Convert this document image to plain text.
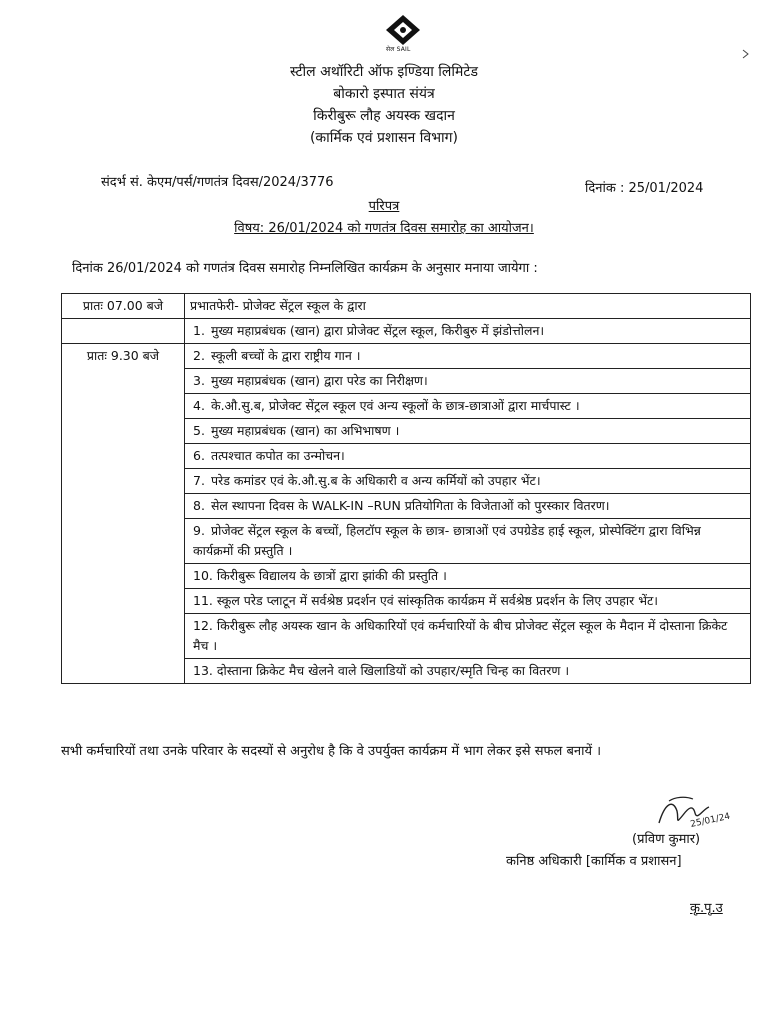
सेल SAIL
स्टील अथॉरिटी ऑफ इण्डिया लिमिटेड
बोकारो इस्पात संयंत्र
किरीबुरू लौह अयस्क खदान
(कार्मिक एवं प्रशासन विभाग)
संदर्भ सं. केएम/पर्स/गणतंत्र दिवस/2024/3776	दिनांक : 25/01/2024
परिपत्र
विषय: 26/01/2024 को गणतंत्र दिवस समारोह का आयोजन।
दिनांक 26/01/2024 को गणतंत्र दिवस समारोह निम्नलिखित कार्यक्रम के अनुसार मनाया जायेगा :
प्रातः 07.00 बजे	प्रभातफेरी- प्रोजेक्ट सेंट्रल स्कूल के द्वारा
	1. मुख्य महाप्रबंधक (खान) द्वारा प्रोजेक्ट सेंट्रल स्कूल, किरीबुरु में झंडोत्तोलन।
प्रातः 9.30 बजे	2. स्कूली बच्चों के द्वारा राष्ट्रीय गान ।
	3. मुख्य महाप्रबंधक (खान) द्वारा परेड का निरीक्षण।
	4. के.औ.सु.ब, प्रोजेक्ट सेंट्रल स्कूल एवं अन्य स्कूलों के छात्र-छात्राओं द्वारा मार्चपास्ट ।
	5. मुख्य महाप्रबंधक (खान) का अभिभाषण ।
	6. तत्पश्चात कपोत का उन्मोचन।
	7. परेड कमांडर एवं के.औ.सु.ब के अधिकारी व अन्य कर्मियों को उपहार भेंट।
	8. सेल स्थापना दिवस के WALK-IN –RUN प्रतियोगिता के विजेताओं को पुरस्कार वितरण।
	9. प्रोजेक्ट सेंट्रल स्कूल के बच्चों, हिलटॉप स्कूल के छात्र- छात्राओं एवं उपग्रेडेड हाई स्कूल, प्रोस्पेक्टिंग द्वारा विभिन्न कार्यक्रमों की प्रस्तुति ।
	10. किरीबुरू विद्यालय के छात्रों द्वारा झांकी की प्रस्तुति ।
	11. स्कूल परेड प्लाटून में सर्वश्रेष्ठ प्रदर्शन एवं सांस्कृतिक कार्यक्रम में सर्वश्रेष्ठ प्रदर्शन के लिए उपहार भेंट।
	12. किरीबुरू लौह अयस्क खान के अधिकारियों एवं कर्मचारियों के बीच प्रोजेक्ट सेंट्रल स्कूल के मैदान में दोस्ताना क्रिकेट मैच ।
	13. दोस्ताना क्रिकेट मैच खेलने वाले खिलाडियों को उपहार/स्मृति चिन्ह का वितरण ।
सभी कर्मचारियों तथा उनके परिवार के सदस्यों से अनुरोध है कि वे उपर्युक्त कार्यक्रम में भाग लेकर इसे सफल बनायें ।
25/01/24
(प्रविण कुमार)
कनिष्ठ अधिकारी [कार्मिक व प्रशासन]
कृ.पृ.उ
